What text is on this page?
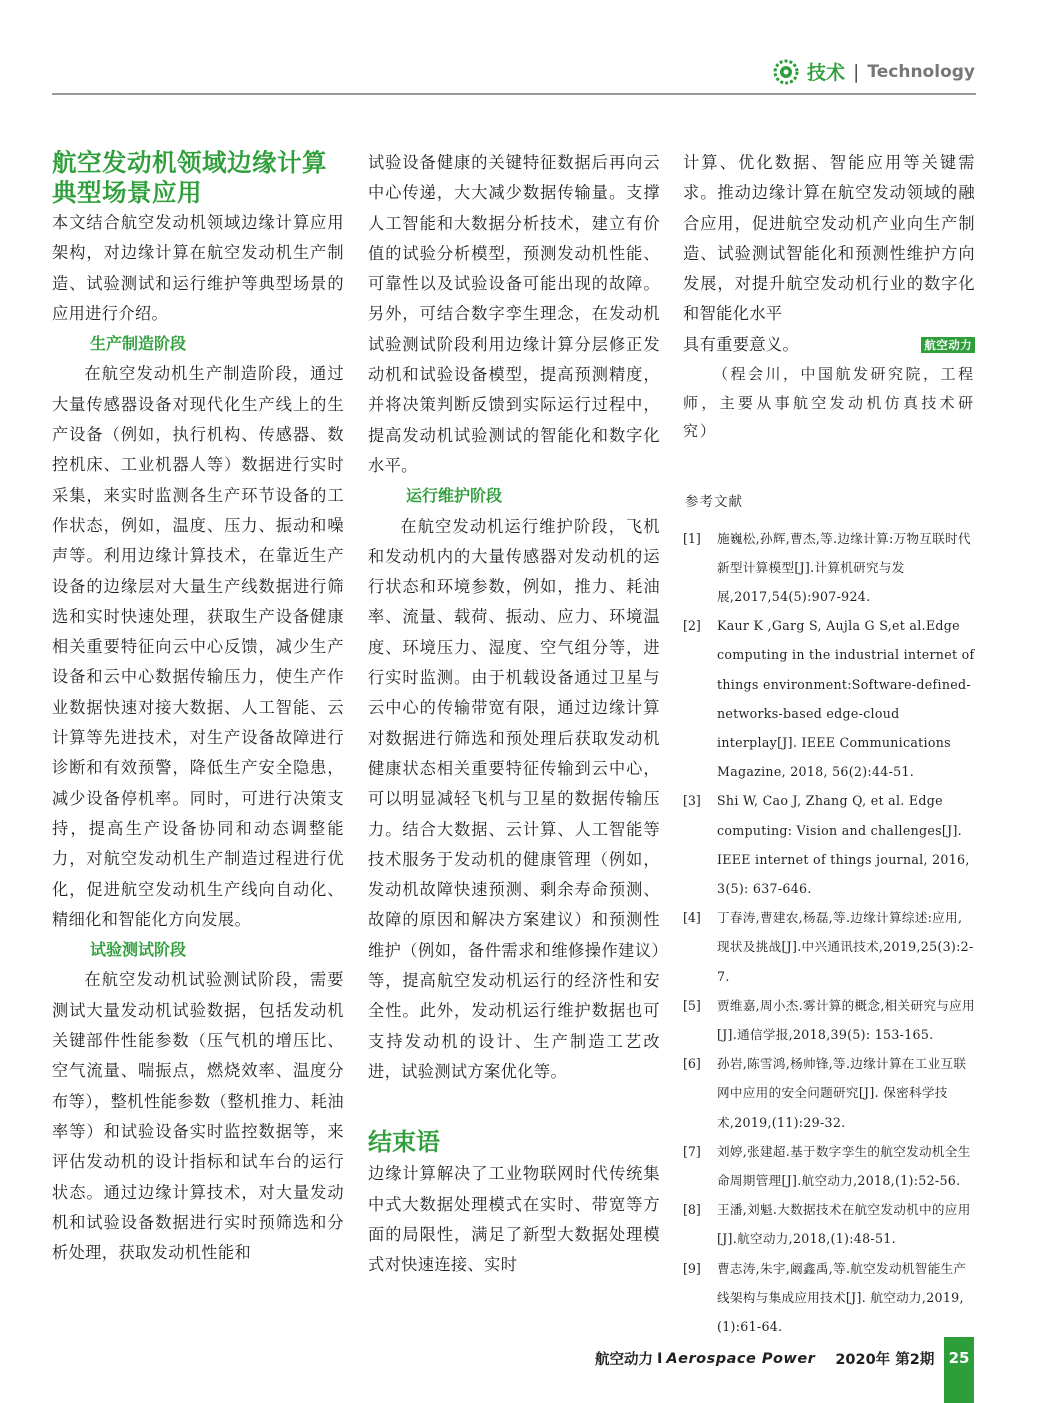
技术 | Technology
航空发动机领域边缘计算典型场景应用

本文结合航空发动机领域边缘计算应用架构，对边缘计算在航空发动机生产制造、试验测试和运行维护等典型场景的应用进行介绍。

生产制造阶段

在航空发动机生产制造阶段，通过大量传感器设备对现代化生产线上的生产设备（例如，执行机构、传感器、数控机床、工业机器人等）数据进行实时采集，来实时监测各生产环节设备的工作状态，例如，温度、压力、振动和噪声等。利用边缘计算技术，在靠近生产设备的边缘层对大量生产线数据进行筛选和实时快速处理，获取生产设备健康相关重要特征向云中心反馈，减少生产设备和云中心数据传输压力，使生产作业数据快速对接大数据、人工智能、云计算等先进技术，对生产设备故障进行诊断和有效预警，降低生产安全隐患，减少设备停机率。同时，可进行决策支持，提高生产设备协同和动态调整能力，对航空发动机生产制造过程进行优化，促进航空发动机生产线向自动化、精细化和智能化方向发展。

试验测试阶段

在航空发动机试验测试阶段，需要测试大量发动机试验数据，包括发动机关键部件性能参数（压气机的增压比、空气流量、喘振点，燃烧效率、温度分布等），整机性能参数（整机推力、耗油率等）和试验设备实时监控数据等，来评估发动机的设计指标和试车台的运行状态。通过边缘计算技术，对大量发动机和试验设备数据进行实时预筛选和分析处理，获取发动机性能和

试验设备健康的关键特征数据后再向云中心传递，大大减少数据传输量。支撑人工智能和大数据分析技术，建立有价值的试验分析模型，预测发动机性能、可靠性以及试验设备可能出现的故障。另外，可结合数字孪生理念，在发动机试验测试阶段利用边缘计算分层修正发动机和试验设备模型，提高预测精度，并将决策判断反馈到实际运行过程中，提高发动机试验测试的智能化和数字化水平。

运行维护阶段

在航空发动机运行维护阶段，飞机和发动机内的大量传感器对发动机的运行状态和环境参数，例如，推力、耗油率、流量、载荷、振动、应力、环境温度、环境压力、湿度、空气组分等，进行实时监测。由于机载设备通过卫星与云中心的传输带宽有限，通过边缘计算对数据进行筛选和预处理后获取发动机健康状态相关重要特征传输到云中心，可以明显减轻飞机与卫星的数据传输压力。结合大数据、云计算、人工智能等技术服务于发动机的健康管理（例如，发动机故障快速预测、剩余寿命预测、故障的原因和解决方案建议）和预测性维护（例如，备件需求和维修操作建议）等，提高航空发动机运行的经济性和安全性。此外，发动机运行维护数据也可支持发动机的设计、生产制造工艺改进，试验测试方案优化等。

结束语

边缘计算解决了工业物联网时代传统集中式大数据处理模式在实时、带宽等方面的局限性，满足了新型大数据处理模式对快速连接、实时

计算、优化数据、智能应用等关键需求。推动边缘计算在航空发动领域的融合应用，促进航空发动机产业向生产制造、试验测试智能化和预测性维护方向发展，对提升航空发动机行业的数字化和智能化水平

具有重要意义。	航空动力

（程会川，中国航发研究院，工程师，主要从事航空发动机仿真技术研究）

参考文献

[1]	施巍松,孙辉,曹杰,等.边缘计算:万物互联时代新型计算模型[J].计算机研究与发展,2017,54(5):907-924.
[2]	Kaur K ,Garg S, Aujla G S,et al.Edge computing in the industrial internet of things environment:Software-defined-networks-based edge-cloud interplay[J]. IEEE Communications Magazine, 2018, 56(2):44-51.
[3]	Shi W, Cao J, Zhang Q, et al. Edge computing: Vision and challenges[J]. IEEE internet of things journal, 2016, 3(5): 637-646.
[4]	丁春涛,曹建农,杨磊,等.边缘计算综述:应用,现状及挑战[J].中兴通讯技术,2019,25(3):2-7.
[5]	贾维嘉,周小杰.雾计算的概念,相关研究与应用[J].通信学报,2018,39(5): 153-165.
[6]	孙岩,陈雪鸿,杨帅锋,等.边缘计算在工业互联网中应用的安全问题研究[J]. 保密科学技术,2019,(11):29-32.
[7]	刘婷,张建超.基于数字孪生的航空发动机全生命周期管理[J].航空动力,2018,(1):52-56.
[8]	王潘,刘魁.大数据技术在航空发动机中的应用[J].航空动力,2018,(1):48-51.
[9]	曹志涛,朱宇,阚鑫禹,等.航空发动机智能生产线架构与集成应用技术[J]. 航空动力,2019,(1):61-64.
航空动力 I Aerospace Power 2020年 第2期 25
